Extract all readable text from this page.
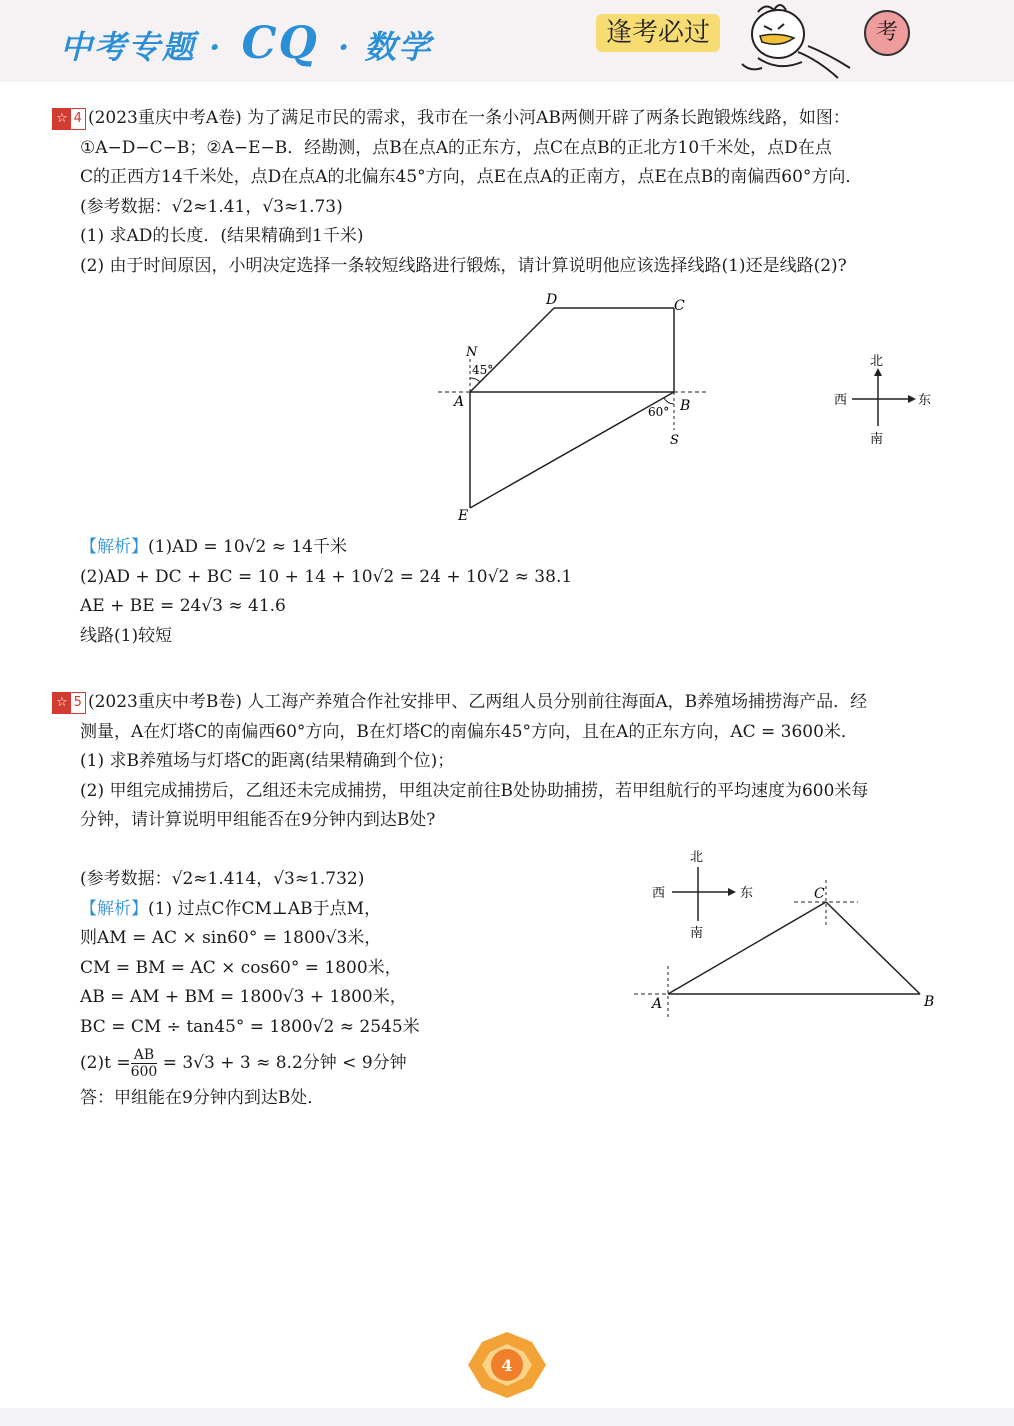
中考专题 · CQ · 数学	逢考必过	考

☆ 4 (2023重庆中考A卷) 为了满足市民的需求，我市在一条小河AB两侧开辟了两条长跑锻炼线路，如图：

①A−D−C−B；②A−E−B．经勘测，点B在点A的正东方，点C在点B的正北方10千米处，点D在点

C的正西方14千米处，点D在点A的北偏东45°方向，点E在点A的正南方，点E在点B的南偏西60°方向．

(参考数据：√2≈1.41，√3≈1.73)

(1) 求AD的长度．(结果精确到1千米)

(2) 由于时间原因，小明决定选择一条较短线路进行锻炼，请计算说明他应该选择线路(1)还是线路(2)?

D	C
N
45°
A	B
60°
S
E
北
南
西	东

【解析】(1)AD = 10√2 ≈ 14千米

(2)AD + DC + BC = 10 + 14 + 10√2 = 24 + 10√2 ≈ 38.1

AE + BE = 24√3 ≈ 41.6

线路(1)较短

☆ 5 (2023重庆中考B卷) 人工海产养殖合作社安排甲、乙两组人员分别前往海面A，B养殖场捕捞海产品．经

测量，A在灯塔C的南偏西60°方向，B在灯塔C的南偏东45°方向，且在A的正东方向，AC = 3600米．

(1) 求B养殖场与灯塔C的距离(结果精确到个位)；

(2) 甲组完成捕捞后，乙组还未完成捕捞，甲组决定前往B处协助捕捞，若甲组航行的平均速度为600米每

分钟，请计算说明甲组能否在9分钟内到达B处?

(参考数据：√2≈1.414，√3≈1.732)

【解析】(1) 过点C作CM⊥AB于点M，

则AM = AC × sin60° = 1800√3米，

CM = BM = AC × cos60° = 1800米，

AB = AM + BM = 1800√3 + 1800米，

BC = CM ÷ tan45° = 1800√2 ≈ 2545米

$(2)t = \frac{AB}{600} = 3√3 + 3 \approx 8.2$分钟 < 9分钟

答：甲组能在9分钟内到达B处．

北
南
西	东	C
A	B
4
